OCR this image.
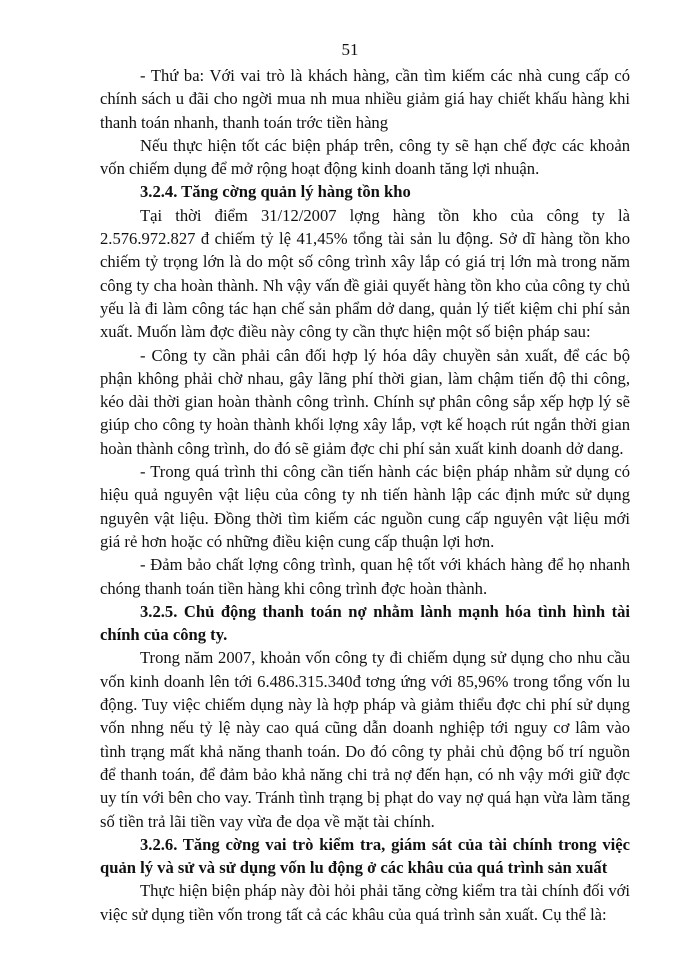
51

- Thứ ba: Với vai trò là khách hàng, cần tìm kiếm các nhà cung cấp có chính sách u đãi cho ngời mua nh mua nhiều giảm giá hay chiết khấu hàng khi thanh toán nhanh, thanh toán trớc tiền hàng

Nếu thực hiện tốt các biện pháp trên, công ty sẽ hạn chế đợc các khoản vốn chiếm dụng để mở rộng hoạt động kinh doanh tăng lợi nhuận.

3.2.4. Tăng cờng quản lý hàng tồn kho

Tại thời điểm 31/12/2007 lợng hàng tồn kho của công ty là 2.576.972.827 đ chiếm tỷ lệ 41,45% tổng tài sản lu động. Sở dĩ hàng tồn kho chiếm tỷ trọng lớn là do một số công trình xây lắp có giá trị lớn mà trong năm công ty cha hoàn thành. Nh vậy vấn đề giải quyết hàng tồn kho của công ty chủ yếu là đi làm công tác hạn chế sản phẩm dở dang, quản lý tiết kiệm chi phí sản xuất. Muốn làm đợc điều này công ty cần thực hiện một số biện pháp sau:

- Công ty cần phải cân đối hợp lý hóa dây chuyền sản xuất, để các bộ phận không phải chờ nhau, gây lãng phí thời gian, làm chậm tiến độ thi công, kéo dài thời gian hoàn thành công trình. Chính sự phân công sắp xếp hợp lý sẽ giúp cho công ty hoàn thành khối lợng xây lắp, vợt kế hoạch rút ngắn thời gian hoàn thành công trình, do đó sẽ giảm đợc chi phí sản xuất kinh doanh dở dang.

- Trong quá trình thi công cần tiến hành các biện pháp nhằm sử dụng có hiệu quả nguyên vật liệu của công ty nh tiến hành lập các định mức sử dụng nguyên vật liệu. Đồng thời tìm kiếm các nguồn cung cấp nguyên vật liệu mới giá rẻ hơn hoặc có những điều kiện cung cấp thuận lợi hơn.

- Đảm bảo chất lợng công trình, quan hệ tốt với khách hàng để họ nhanh chóng thanh toán tiền hàng khi công trình đợc hoàn thành.

3.2.5. Chủ động thanh toán nợ nhằm lành mạnh hóa tình hình tài chính của công ty.

Trong năm 2007, khoản vốn công ty đi chiếm dụng sử dụng cho nhu cầu vốn kinh doanh lên tới 6.486.315.340đ tơng ứng với 85,96% trong tổng vốn lu động. Tuy việc chiếm dụng này là hợp pháp và giảm thiểu đợc chi phí sử dụng vốn nhng nếu tỷ lệ này cao quá cũng dẫn doanh nghiệp tới nguy cơ lâm vào tình trạng mất khả năng thanh toán. Do đó công ty phải chủ động bố trí nguồn để thanh toán, để đảm bảo khả năng chi trả nợ đến hạn, có nh vậy mới giữ đợc uy tín với bên cho vay. Tránh tình trạng bị phạt do vay nợ quá hạn vừa làm tăng số tiền trả lãi tiền vay vừa đe dọa về mặt tài chính.

3.2.6. Tăng cờng vai trò kiểm tra, giám sát của tài chính trong việc quản lý và sử và sử dụng vốn lu động ở các khâu của quá trình sản xuất

Thực hiện biện pháp này đòi hỏi phải tăng cờng kiểm tra tài chính đối với việc sử dụng tiền vốn trong tất cả các khâu của quá trình sản xuất. Cụ thể là:
